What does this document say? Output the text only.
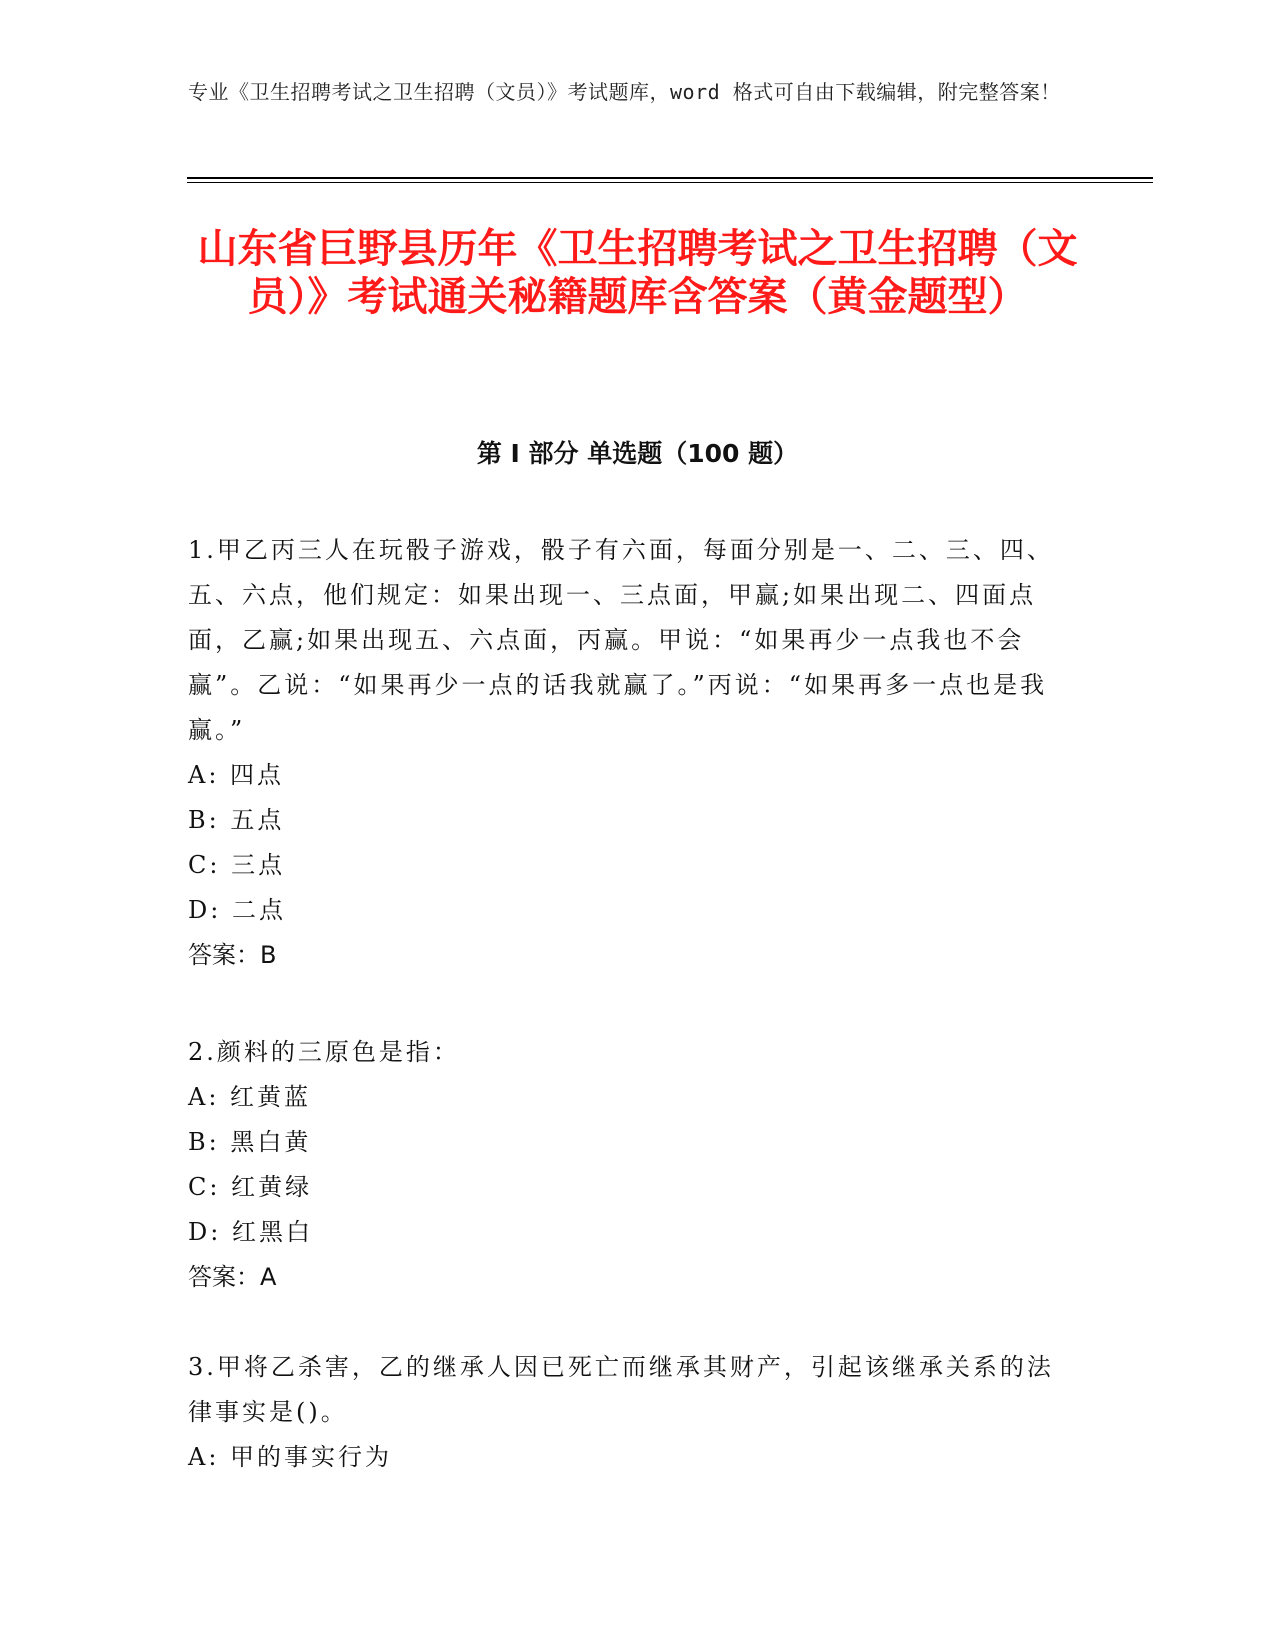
专业《卫生招聘考试之卫生招聘（文员）》考试题库，word 格式可自由下载编辑，附完整答案！
山东省巨野县历年《卫生招聘考试之卫生招聘（文员）》考试通关秘籍题库含答案（黄金题型）
第 I 部分 单选题（100 题）

1.甲乙丙三人在玩骰子游戏，骰子有六面，每面分别是一、二、三、四、五、六点，他们规定：如果出现一、三点面，甲赢;如果出现二、四面点面，乙赢;如果出现五、六点面，丙赢。甲说：“如果再少一点我也不会赢”。乙说：“如果再少一点的话我就赢了。”丙说：“如果再多一点也是我赢。”

A: 四点

B: 五点

C: 三点

D: 二点

答案：B

2.颜料的三原色是指：

A: 红黄蓝

B: 黑白黄

C: 红黄绿

D: 红黑白

答案：A

3.甲将乙杀害，乙的继承人因已死亡而继承其财产，引起该继承关系的法律事实是()。

A: 甲的事实行为
